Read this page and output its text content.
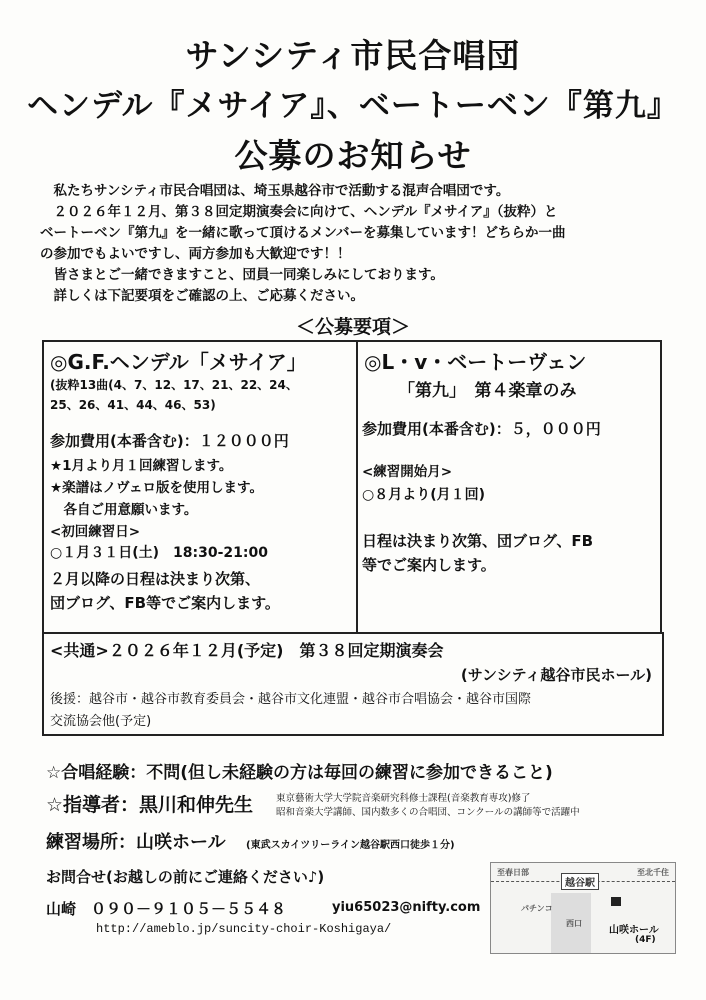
サンシティ市民合唱団
ヘンデル『メサイア』、ベートーベン『第九』
公募のお知らせ
　私たちサンシティ市民合唱団は、埼玉県越谷市で活動する混声合唱団です。
　２０２６年１２月、第３８回定期演奏会に向けて、ヘンデル『メサイア』（抜粋）と
ベートーベン『第九』を一緒に歌って頂けるメンバーを募集しています！どちらか一曲
の参加でもよいですし、両方参加も大歓迎です！！
　皆さまとご一緒できますこと、団員一同楽しみにしております。
　詳しくは下記要項をご確認の上、ご応募ください。
＜公募要項＞
◎G.F.ヘンデル「メサイア」
(抜粋13曲(4、7、12、17、21、22、24、
25、26、41、44、46、53)
参加費用(本番含む)：１２０００円
★1月より月１回練習します。
★楽譜はノヴェロ版を使用します。
　各自ご用意願います。
<初回練習日>
○１月３１日(土)　18:30-21:00
２月以降の日程は決まり次第、
団ブログ、FB等でご案内します。
◎L・v・ベートーヴェン
「第九」　第４楽章のみ
参加費用(本番含む)：５，０００円
<練習開始月>
○８月より(月１回)
日程は決まり次第、団ブログ、FB
等でご案内します。
<共通>２０２６年１２月(予定)　第３８回定期演奏会
(サンシティ越谷市民ホール)
後援：越谷市・越谷市教育委員会・越谷市文化連盟・越谷市合唱協会・越谷市国際
交流協会他(予定)
☆合唱経験：不問(但し未経験の方は毎回の練習に参加できること)
☆指導者：黒川和伸先生 東京藝術大学大学院音楽研究科修士課程(音楽教育専攻)修了
昭和音楽大学講師、国内数多くの合唱団、コンクールの講師等で活躍中
練習場所：山咲ホール (東武スカイツリーライン越谷駅西口徒歩１分)
お問合せ(お越しの前にご連絡ください♪)
山崎　０９０－９１０５－５５４８	yiu65023@nifty.com
http://ameblo.jp/suncity-choir-Koshigaya/
至春日部	至北千住
越谷駅
パチンコ
西口
山咲ホール
(4F)
